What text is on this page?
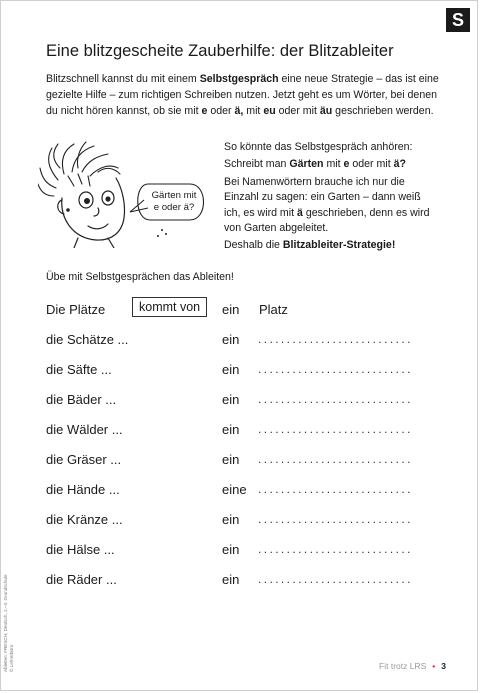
S
Eine blitzgescheite Zauberhilfe: der Blitzableiter
Blitzschnell kannst du mit einem Selbstgespräch eine neue Strategie – das ist eine gezielte Hilfe – zum richtigen Schreiben nutzen. Jetzt geht es um Wörter, bei denen du nicht hören kannst, ob sie mit e oder ä, mit eu oder mit äu geschrieben werden.
Gärten mit
e oder ä?

So könnte das Selbstgespräch anhören:

Schreibt man Gärten mit e oder mit ä?

Bei Namenwörtern brauche ich nur die Einzahl zu sagen: ein Garten – dann weiß ich, es wird mit ä geschrieben, denn es wird von Garten abgeleitet.

Deshalb die Blitzableiter-Strategie!

Übe mit Selbstgesprächen das Ableiten!
Die Plätze	kommt von	ein Platz
die Schätze ...	ein ...........................
die Säfte ...	ein ...........................
die Bäder ...	ein ...........................
die Wälder ...	ein ...........................
die Gräser ...	ein ...........................
die Hände ...	eine ...........................
die Kränze ...	ein ...........................
die Hälse ...	ein ...........................
die Räder ...	ein ...........................
Ableiten: FRESCH, Deutsch, 2.–4. Grundschule © Lehrerbüro	Fit trotz LRS • 3
